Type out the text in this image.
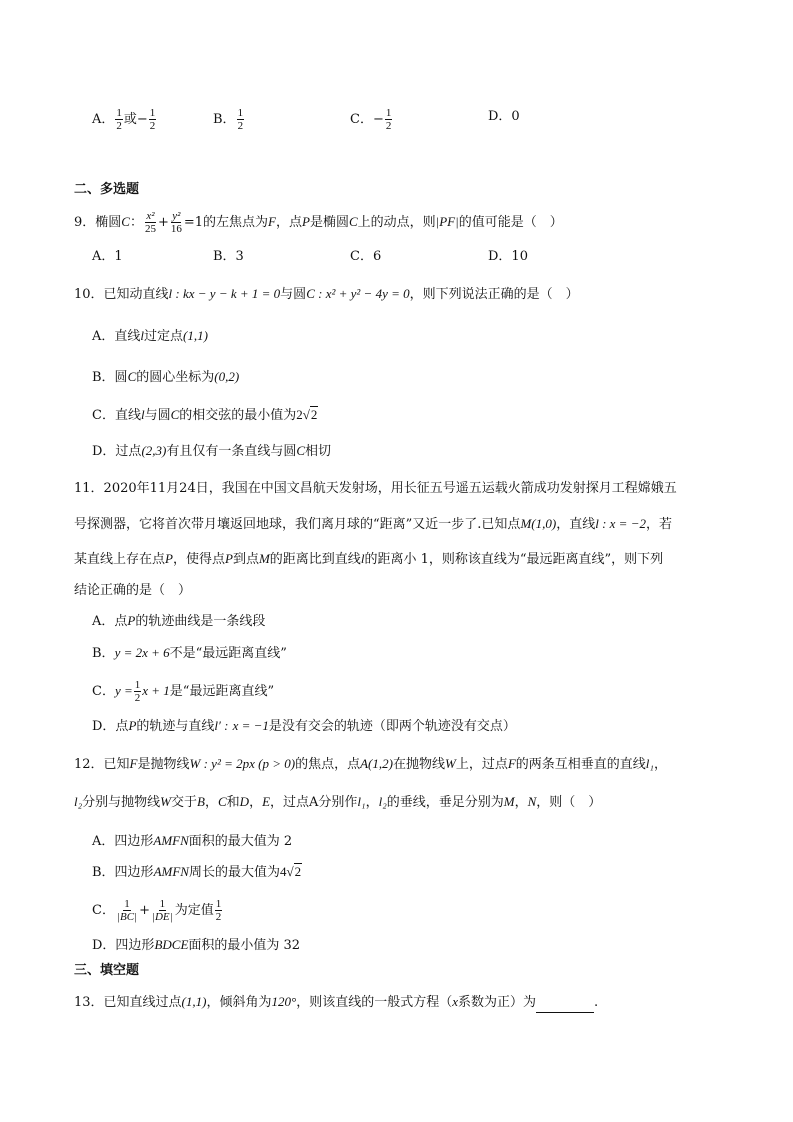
A． $\frac{1}{2}$ 或− $\frac{1}{2}$	B． $\frac{1}{2}$	C．− $\frac{1}{2}$	D．0
二、多选题
9．椭圆C： $\frac{\text{x²}}{25} + \frac{\text{y²}}{16} =1$的左焦点为F，点P是椭圆C上的动点，则|PF|的值可能是（　）
A．1	B．3	C．6	D．10
10．已知动直线l : kx − y − k + 1 = 0与圆C : x² + y² − 4y = 0，则下列说法正确的是（　）
A．直线l过定点(1,1)
B．圆C的圆心坐标为(0,2)
C．直线l与圆C的相交弦的最小值为2√2
D．过点(2,3)有且仅有一条直线与圆C相切
11．2020年11月24日，我国在中国文昌航天发射场，用长征五号遥五运载火箭成功发射探月工程嫦娥五
号探测器，它将首次带月壤返回地球，我们离月球的“距离”又近一步了.已知点M(1,0)，直线l : x = −2，若
某直线上存在点P，使得点P到点M的距离比到直线l的距离小 1，则称该直线为“最远距离直线”，则下列
结论正确的是（　）
A．点P的轨迹曲线是一条线段
B．y = 2x + 6不是“最远距离直线”
C．$y = \frac{1}{2}$ x + 1是“最远距离直线”
D．点P的轨迹与直线l′ : x = −1是没有交会的轨迹（即两个轨迹没有交点）
12．已知F是抛物线W : y² = 2px (p > 0)的焦点，点A(1,2)在抛物线W上，过点F的两条互相垂直的直线l₁，
l₂分别与抛物线W交于B，C和D，E，过点A分别作l₁，l₂的垂线，垂足分别为M，N，则（　）
A．四边形AMFN面积的最大值为 2
B．四边形AMFN周长的最大值为4√2
C． $\frac{1}{|BC|} + \frac{1}{|DE|}$ 为定值 $\frac{1}{2}$
D．四边形BDCE面积的最小值为 32
三、填空题
13．已知直线过点(1,1)，倾斜角为120°，则该直线的一般式方程（x系数为正）为	.
